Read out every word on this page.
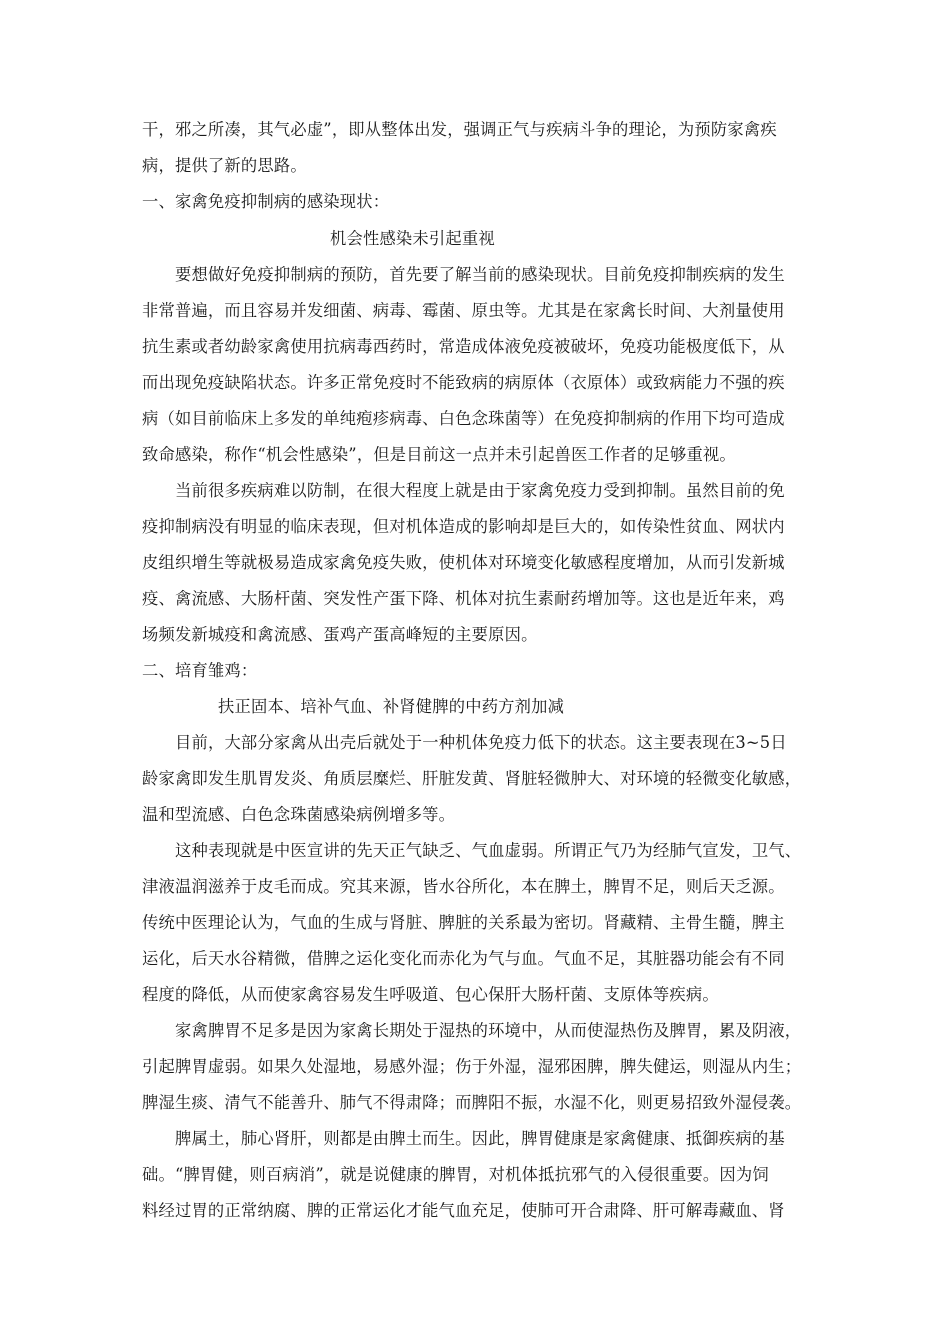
干，邪之所凑，其气必虚”，即从整体出发，强调正气与疾病斗争的理论，为预防家禽疾
病，提供了新的思路。
一、家禽免疫抑制病的感染现状：
机会性感染未引起重视
要想做好免疫抑制病的预防，首先要了解当前的感染现状。目前免疫抑制疾病的发生
非常普遍，而且容易并发细菌、病毒、霉菌、原虫等。尤其是在家禽长时间、大剂量使用
抗生素或者幼龄家禽使用抗病毒西药时，常造成体液免疫被破坏，免疫功能极度低下，从
而出现免疫缺陷状态。许多正常免疫时不能致病的病原体（衣原体）或致病能力不强的疾
病（如目前临床上多发的单纯疱疹病毒、白色念珠菌等）在免疫抑制病的作用下均可造成
致命感染，称作“机会性感染”，但是目前这一点并未引起兽医工作者的足够重视。
当前很多疾病难以防制，在很大程度上就是由于家禽免疫力受到抑制。虽然目前的免
疫抑制病没有明显的临床表现，但对机体造成的影响却是巨大的，如传染性贫血、网状内
皮组织增生等就极易造成家禽免疫失败，使机体对环境变化敏感程度增加，从而引发新城
疫、禽流感、大肠杆菌、突发性产蛋下降、机体对抗生素耐药增加等。这也是近年来，鸡
场频发新城疫和禽流感、蛋鸡产蛋高峰短的主要原因。
二、培育雏鸡：
扶正固本、培补气血、补肾健脾的中药方剂加减
目前，大部分家禽从出壳后就处于一种机体免疫力低下的状态。这主要表现在3~5日
龄家禽即发生肌胃发炎、角质层糜烂、肝脏发黄、肾脏轻微肿大、对环境的轻微变化敏感，
温和型流感、白色念珠菌感染病例增多等。
这种表现就是中医宣讲的先天正气缺乏、气血虚弱。所谓正气乃为经肺气宣发，卫气、
津液温润滋养于皮毛而成。究其来源，皆水谷所化，本在脾土，脾胃不足，则后天乏源。
传统中医理论认为，气血的生成与肾脏、脾脏的关系最为密切。肾藏精、主骨生髓，脾主
运化，后天水谷精微，借脾之运化变化而赤化为气与血。气血不足，其脏器功能会有不同
程度的降低，从而使家禽容易发生呼吸道、包心保肝大肠杆菌、支原体等疾病。
家禽脾胃不足多是因为家禽长期处于湿热的环境中，从而使湿热伤及脾胃，累及阴液，
引起脾胃虚弱。如果久处湿地，易感外湿；伤于外湿，湿邪困脾，脾失健运，则湿从内生；
脾湿生痰、清气不能善升、肺气不得肃降；而脾阳不振，水湿不化，则更易招致外湿侵袭。
脾属土，肺心肾肝，则都是由脾土而生。因此，脾胃健康是家禽健康、抵御疾病的基
础。“脾胃健，则百病消”，就是说健康的脾胃，对机体抵抗邪气的入侵很重要。因为饲
料经过胃的正常纳腐、脾的正常运化才能气血充足，使肺可开合肃降、肝可解毒藏血、肾
